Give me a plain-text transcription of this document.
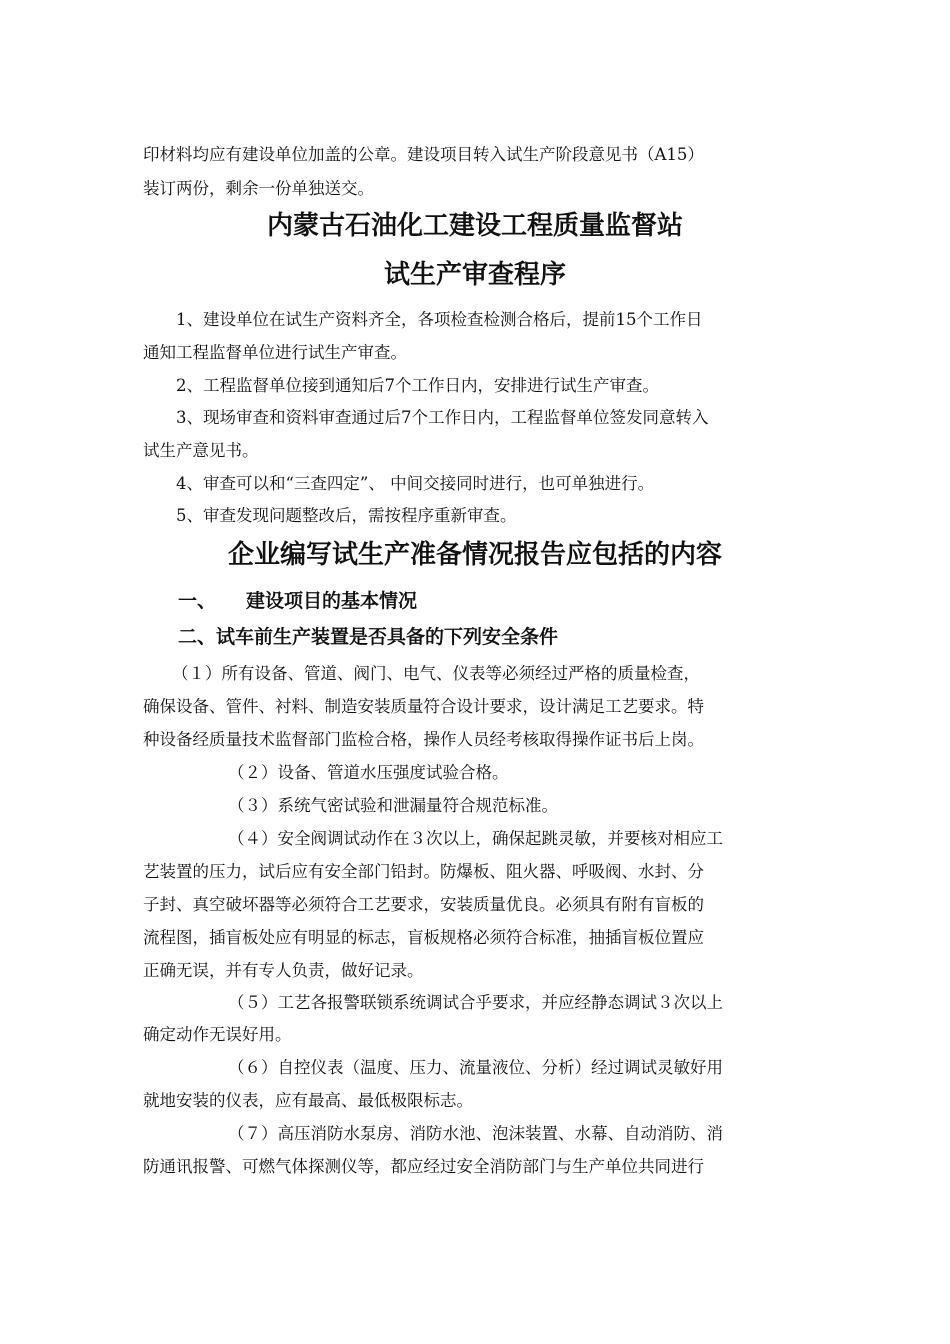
印材料均应有建设单位加盖的公章。建设项目转入试生产阶段意见书（A15）
装订两份，剩余一份单独送交。
内蒙古石油化工建设工程质量监督站
试生产审查程序
1、建设单位在试生产资料齐全，各项检查检测合格后，提前15个工作日
通知工程监督单位进行试生产审查。
2、工程监督单位接到通知后7个工作日内，安排进行试生产审查。
3、现场审查和资料审查通过后7个工作日内，工程监督单位签发同意转入
试生产意见书。
4、审查可以和“三查四定”、 中间交接同时进行，也可单独进行。
5、审查发现问题整改后，需按程序重新审查。
企业编写试生产准备情况报告应包括的内容
一、 建设项目的基本情况
二、试车前生产装置是否具备的下列安全条件
（１）所有设备、管道、阀门、电气、仪表等必须经过严格的质量检查，
确保设备、管件、衬料、制造安装质量符合设计要求，设计满足工艺要求。特
种设备经质量技术监督部门监检合格，操作人员经考核取得操作证书后上岗。
（２）设备、管道水压强度试验合格。
（３）系统气密试验和泄漏量符合规范标准。
（４）安全阀调试动作在３次以上，确保起跳灵敏，并要核对相应工
艺装置的压力，试后应有安全部门铅封。防爆板、阻火器、呼吸阀、水封、分
子封、真空破坏器等必须符合工艺要求，安装质量优良。必须具有附有盲板的
流程图，插盲板处应有明显的标志，盲板规格必须符合标准，抽插盲板位置应
正确无误，并有专人负责，做好记录。
（５）工艺各报警联锁系统调试合乎要求，并应经静态调试３次以上
确定动作无误好用。
（６）自控仪表（温度、压力、流量液位、分析）经过调试灵敏好用
就地安装的仪表，应有最高、最低极限标志。
（７）高压消防水泵房、消防水池、泡沫装置、水幕、自动消防、消
防通讯报警、可燃气体探测仪等，都应经过安全消防部门与生产单位共同进行
